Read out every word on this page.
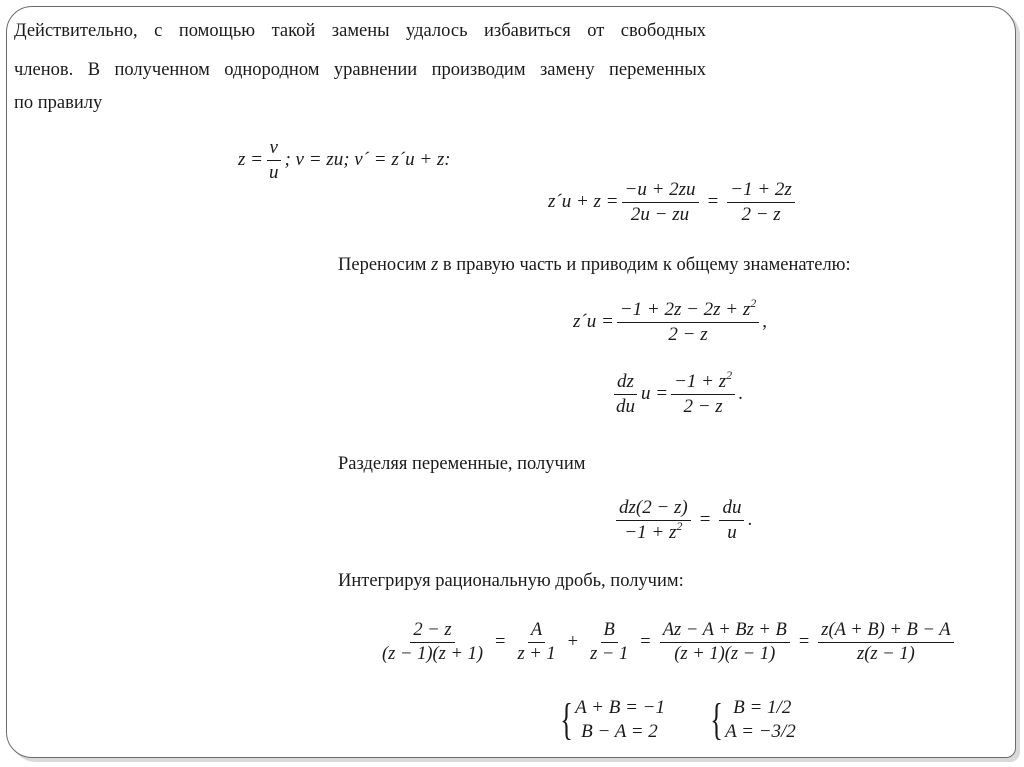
Действительно, с помощью такой замены удалось избавиться от свободных
членов. В полученном однородном уравнении производим замену переменных
по правилу
$z = \frac{v}{u}$ ; v = zu; v´ = z´u + z:
z´u + $z = \frac{-u + 2zu}{2u - zu} = \frac{-1 + 2z}{2 - z}$
Переносим z в правую часть и приводим к общему знаменателю:
z´u = $\frac{-1 + 2z - 2z + z^2}{2 - z}$ ,
$\frac{dz}{du}$ $u = \frac{-1 + z^2}{2 - z}$ .
Разделяя переменные, получим
$\frac{dz(2 - z)}{-1 + z^2} = \frac{du}{u}$ .
Интегрируя рациональную дробь, получим:
$\frac{2 - z}{(z - 1)(z + 1)} = \frac{A}{z + 1} + \frac{B}{z - 1} = \frac{Az - A + Bz + B}{(z + 1)(z - 1)} = \frac{z(A + B) + B - A}{z(z - 1)}$
{ A + B = −1
B − A = 2 { B = 1/2
A = −3/2
